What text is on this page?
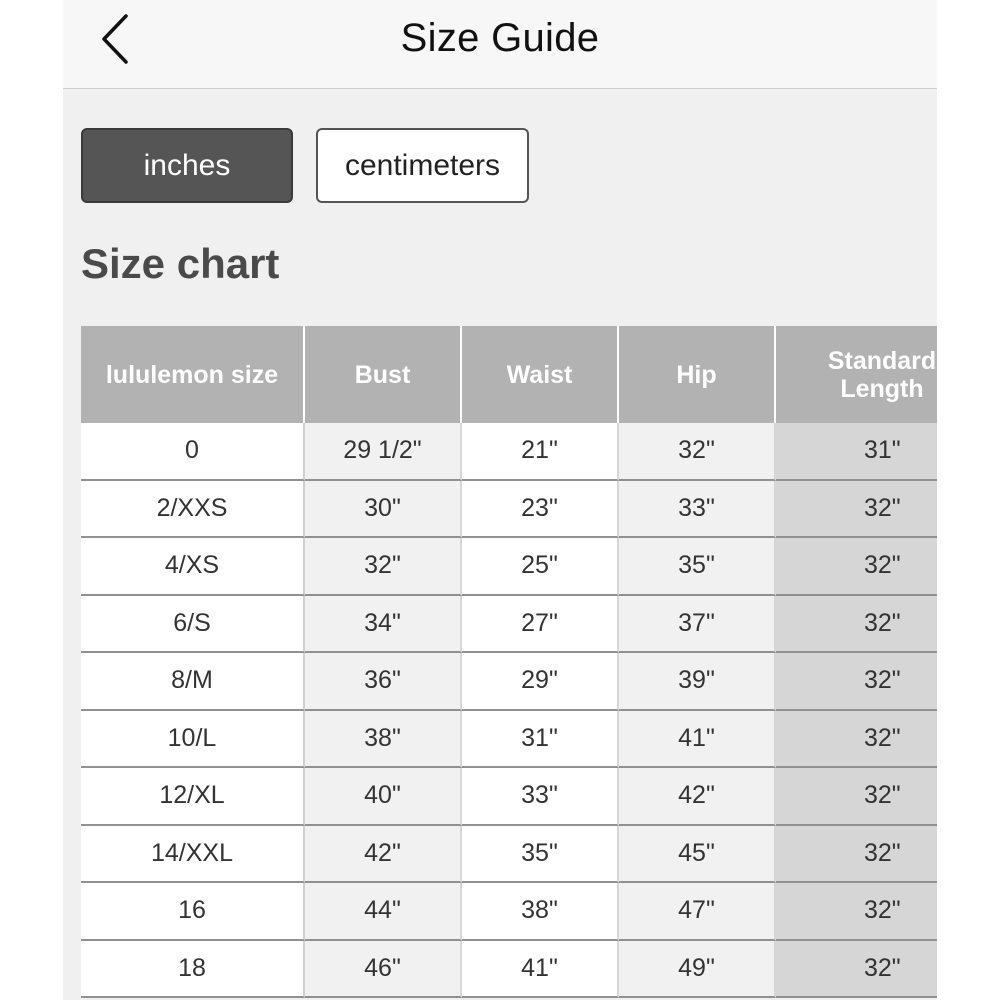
Size Guide
inches	centimeters
Size chart
lululemon size	Bust	Waist	Hip	Standard Length
0	29 1/2"	21"	32"	31"
2/XXS	30"	23"	33"	32"
4/XS	32"	25"	35"	32"
6/S	34"	27"	37"	32"
8/M	36"	29"	39"	32"
10/L	38"	31"	41"	32"
12/XL	40"	33"	42"	32"
14/XXL	42"	35"	45"	32"
16	44"	38"	47"	32"
18	46"	41"	49"	32"
